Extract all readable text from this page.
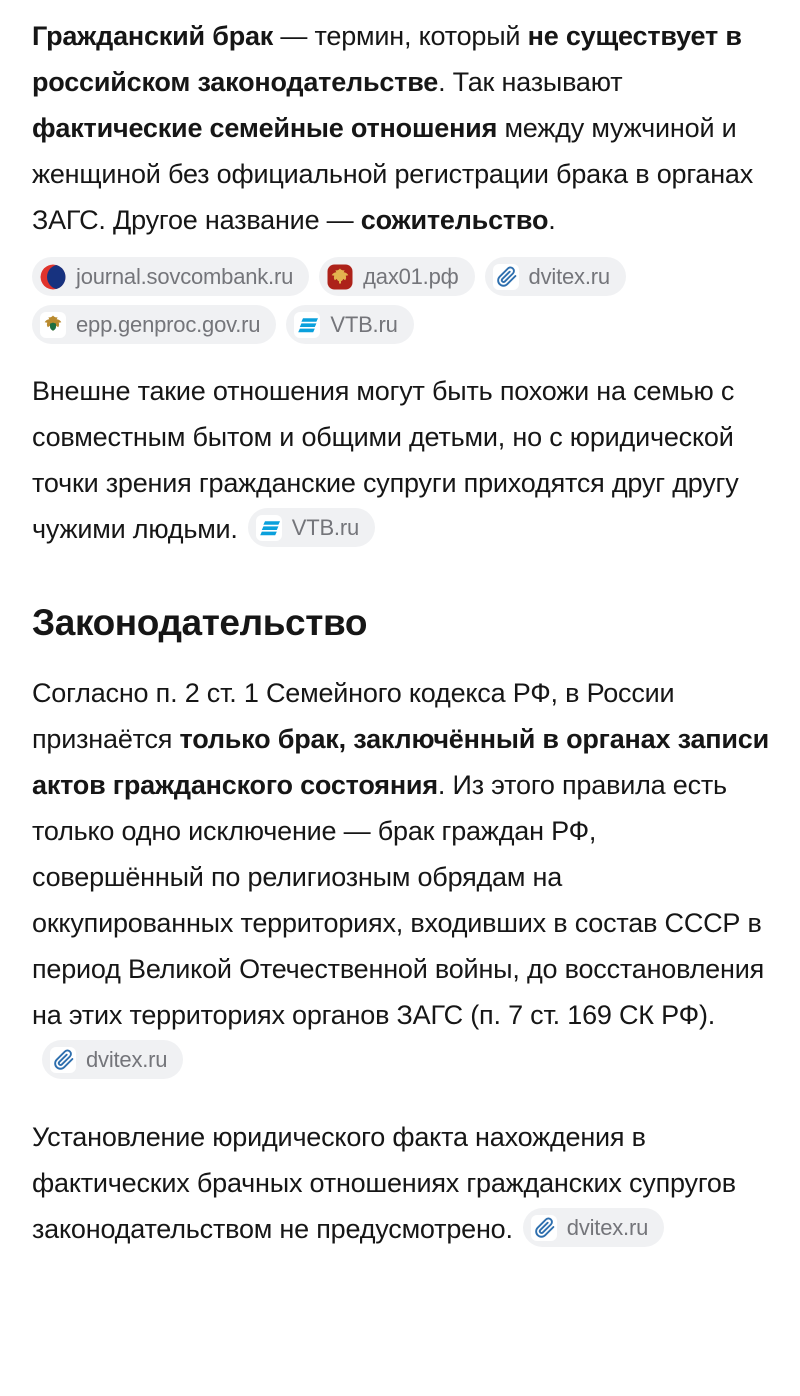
Гражданский брак — термин, который не существует в российском законодательстве. Так называют фактические семейные отношения между мужчиной и женщиной без официальной регистрации брака в органах ЗАГС. Другое название — сожительство.

journal.sovcombank.ru	дах01.рф	dvitex.ru
epp.genproc.gov.ru	VTB.ru

Внешне такие отношения могут быть похожи на семью с совместным бытом и общими детьми, но с юридической точки зрения гражданские супруги приходятся друг другу чужими людьми. VTB.ru

Законодательство

Согласно п. 2 ст. 1 Семейного кодекса РФ, в России признаётся только брак, заключённый в органах записи актов гражданского состояния. Из этого правила есть только одно исключение — брак граждан РФ, совершённый по религиозным обрядам на оккупированных территориях, входивших в состав СССР в период Великой Отечественной войны, до восстановления на этих территориях органов ЗАГС (п. 7 ст. 169 СК РФ).
dvitex.ru

Установление юридического факта нахождения в фактических брачных отношениях гражданских супругов законодательством не предусмотрено. dvitex.ru
